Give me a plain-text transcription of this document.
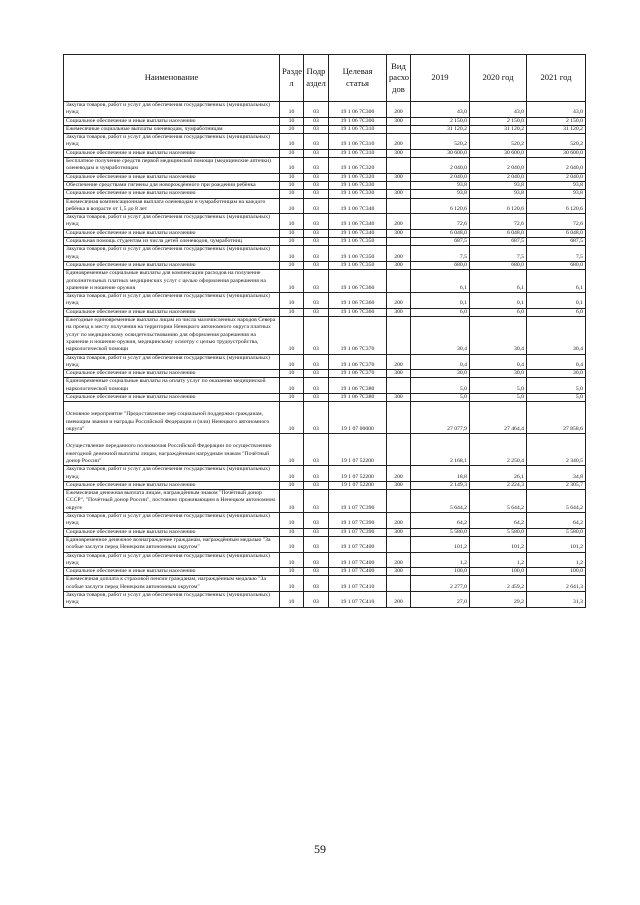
Наименование	Разде л	Подр аздел	Целевая статья	Вид расхо дов	2019	2020 год	2021 год
Закупка товаров, работ и услуг для обеспечения государственных (муниципальных) нужд	10	03	19 1 06 7С300	200	43,0	43,0	43,0
Социальное обеспечение и иные выплаты населению	10	03	19 1 06 7С300	300	2 150,0	2 150,0	2 150,0
Ежемесячные социальные выплаты оленеводам, чумработницам	10	03	19 1 06 7С310		31 120,2	31 120,2	31 120,2
Закупка товаров, работ и услуг для обеспечения государственных (муниципальных) нужд	10	03	19 1 06 7С310	200	520,2	520,2	520,2
Социальное обеспечение и иные выплаты населению	10	03	19 1 06 7С310	300	30 600,0	30 600,0	30 600,0
Бесплатное получение средств первой медицинской помощи (медицинские аптечки) оленеводам и чумработницам	10	03	19 1 06 7С320		2 040,0	2 040,0	2 040,0
Социальное обеспечение и иные выплаты населению	10	03	19 1 06 7С320	300	2 040,0	2 040,0	2 040,0
Обеспечение средствами гигиены для новорождённого при рождении ребёнка	10	03	19 1 06 7С330		93,8	93,8	93,8
Социальное обеспечение и иные выплаты населению	10	03	19 1 06 7С330	300	93,8	93,8	93,8
Ежемесячная компенсационная выплата оленеводам и чумработницам на каждого ребёнка в возрасте от 1,5 до 8 лет	10	03	19 1 06 7С340		6 120,6	6 120,6	6 120,6
Закупка товаров, работ и услуг для обеспечения государственных (муниципальных) нужд	10	03	19 1 06 7С340	200	72,6	72,6	72,6
Социальное обеспечение и иные выплаты населению	10	03	19 1 06 7С340	300	6 048,0	6 048,0	6 048,0
Социальная помощь студентам из числа детей оленеводов, чумработниц	10	03	19 1 06 7С350		687,5	687,5	687,5
Закупка товаров, работ и услуг для обеспечения государственных (муниципальных) нужд	10	03	19 1 06 7С350	200	7,5	7,5	7,5
Социальное обеспечение и иные выплаты населению	10	03	19 1 06 7С350	300	680,0	680,0	680,0
Единовременные социальные выплаты для компенсации расходов на получение дополнительных платных медицинских услуг с целью оформления разрешения на хранение и ношение оружия	10	03	19 1 06 7С360		6,1	6,1	6,1
Закупка товаров, работ и услуг для обеспечения государственных (муниципальных) нужд	10	03	19 1 06 7С360	200	0,1	0,1	0,1
Социальное обеспечение и иные выплаты населению	10	03	19 1 06 7С360	300	6,0	6,0	6,0
Ежегодные единовременные выплаты лицам из числа малочисленных народов Севера на проезд к месту получения на территории Ненецкого автономного округа платных услуг по медицинскому освидетельствованию для оформления разрешения на хранение и ношение оружия, медицинскому осмотру с целью трудоустройства, наркологической помощи	10	03	19 1 06 7С370		30,4	30,4	30,4
Закупка товаров, работ и услуг для обеспечения государственных (муниципальных) нужд	10	03	19 1 06 7С370	200	0,4	0,4	0,4
Социальное обеспечение и иные выплаты населению	10	03	19 1 06 7С370	300	30,0	30,0	30,0
Единовременные социальные выплаты на оплату услуг по оказанию медицинской наркологической помощи	10	03	19 1 06 7С380		5,0	5,0	5,0
Социальное обеспечение и иные выплаты населению	10	03	19 1 06 7С380	300	5,0	5,0	5,0
Основное мероприятие "Предоставление мер социальной поддержки гражданам, имеющим звания и награды Российской Федерации и (или) Ненецкого автономного округа"	10	03	19 1 07 00000		27 077,9	27 464,4	27 858,6
Осуществление переданного полномочия Российской Федерации по осуществлению ежегодной денежной выплаты лицам, награждённым нагрудным знаком "Почётный донор России"	10	03	19 1 07 52200		2 168,1	2 250,4	2 340,5
Закупка товаров, работ и услуг для обеспечения государственных (муниципальных) нужд	10	03	19 1 07 52200	200	18,8	26,1	34,8
Социальное обеспечение и иные выплаты населению	10	03	19 1 07 52200	300	2 149,3	2 224,3	2 305,7
Ежемесячная денежная выплата лицам, награждённым знаком "Почётный донор СССР", "Почётный донор России", постоянно проживающим в Ненецком автономном округе	10	03	19 1 07 7С390		5 644,2	5 644,2	5 644,2
Закупка товаров, работ и услуг для обеспечения государственных (муниципальных) нужд	10	03	19 1 07 7С390	200	64,2	64,2	64,2
Социальное обеспечение и иные выплаты населению	10	03	19 1 07 7С390	300	5 580,0	5 580,0	5 580,0
Единовременное денежное вознаграждение гражданам, награждённым медалью "За особые заслуги перед Ненецким автономным округом"	10	03	19 1 07 7С400		101,2	101,2	101,2
Закупка товаров, работ и услуг для обеспечения государственных (муниципальных) нужд	10	03	19 1 07 7С400	200	1,2	1,2	1,2
Социальное обеспечение и иные выплаты населению	10	03	19 1 07 7С400	300	100,0	100,0	100,0
Ежемесячная доплата к страховой пенсии гражданам, награждённым медалью "За особые заслуги перед Ненецким автономным округом"	10	03	19 1 07 7С410		2 277,0	2 459,2	2 641,3
Закупка товаров, работ и услуг для обеспечения государственных (муниципальных) нужд	10	03	19 1 07 7С410	200	27,0	29,2	31,3
59
